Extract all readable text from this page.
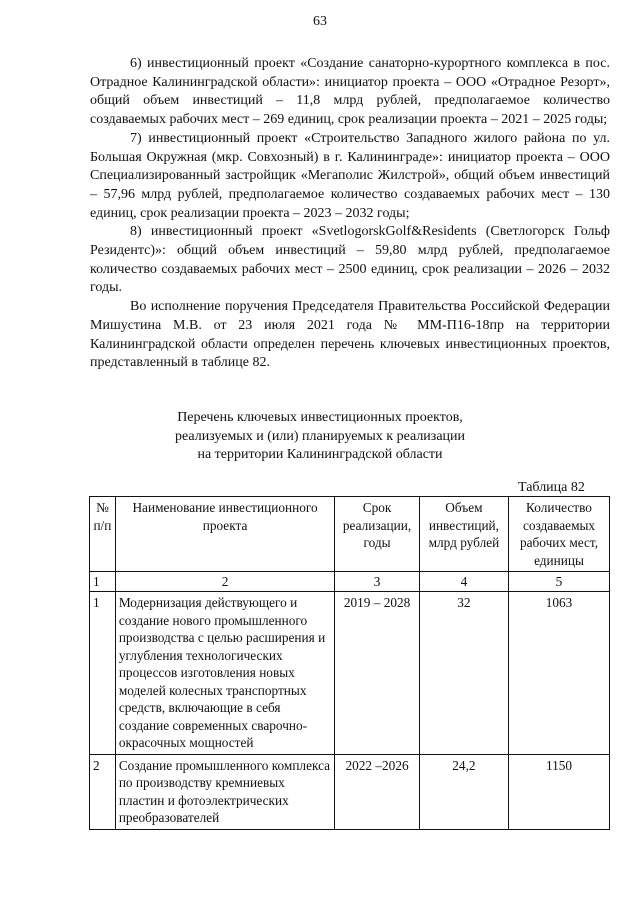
63

6) инвестиционный проект «Создание санаторно-курортного комплекса в пос. Отрадное Калининградской области»: инициатор проекта – ООО «Отрадное Резорт», общий объем инвестиций – 11,8 млрд рублей, предполагаемое количество создаваемых рабочих мест – 269 единиц, срок реализации проекта – 2021 – 2025 годы;

7) инвестиционный проект «Строительство Западного жилого района по ул. Большая Окружная (мкр. Совхозный) в г. Калининграде»: инициатор проекта – ООО Специализированный застройщик «Мегаполис Жилстрой», общий объем инвестиций – 57,96 млрд рублей, предполагаемое количество создаваемых рабочих мест – 130 единиц, срок реализации проекта – 2023 – 2032 годы;

8) инвестиционный проект «SvetlogorskGolf&Residents (Светлогорск Гольф Резидентс)»: общий объем инвестиций – 59,80 млрд рублей, предполагаемое количество создаваемых рабочих мест – 2500 единиц, срок реализации – 2026 – 2032 годы.

Во исполнение поручения Председателя Правительства Российской Федерации Мишустина М.В. от 23 июля 2021 года № ММ-П16-18пр на территории Калининградской области определен перечень ключевых инвестиционных проектов, представленный в таблице 82.

Перечень ключевых инвестиционных проектов,
реализуемых и (или) планируемых к реализации
на территории Калининградской области
Таблица 82
№ п/п	Наименование инвестиционного проекта	Срок реализации, годы	Объем инвестиций, млрд рублей	Количество создаваемых рабочих мест, единицы
1	2	3	4	5
1	Модернизация действующего и создание нового промышленного производства с целью расширения и углубления технологических процессов изготовления новых моделей колесных транспортных средств, включающие в себя создание современных сварочно-окрасочных мощностей	2019 – 2028	32	1063
2	Создание промышленного комплекса по производству кремниевых пластин и фотоэлектрических преобразователей	2022 –2026	24,2	1150
